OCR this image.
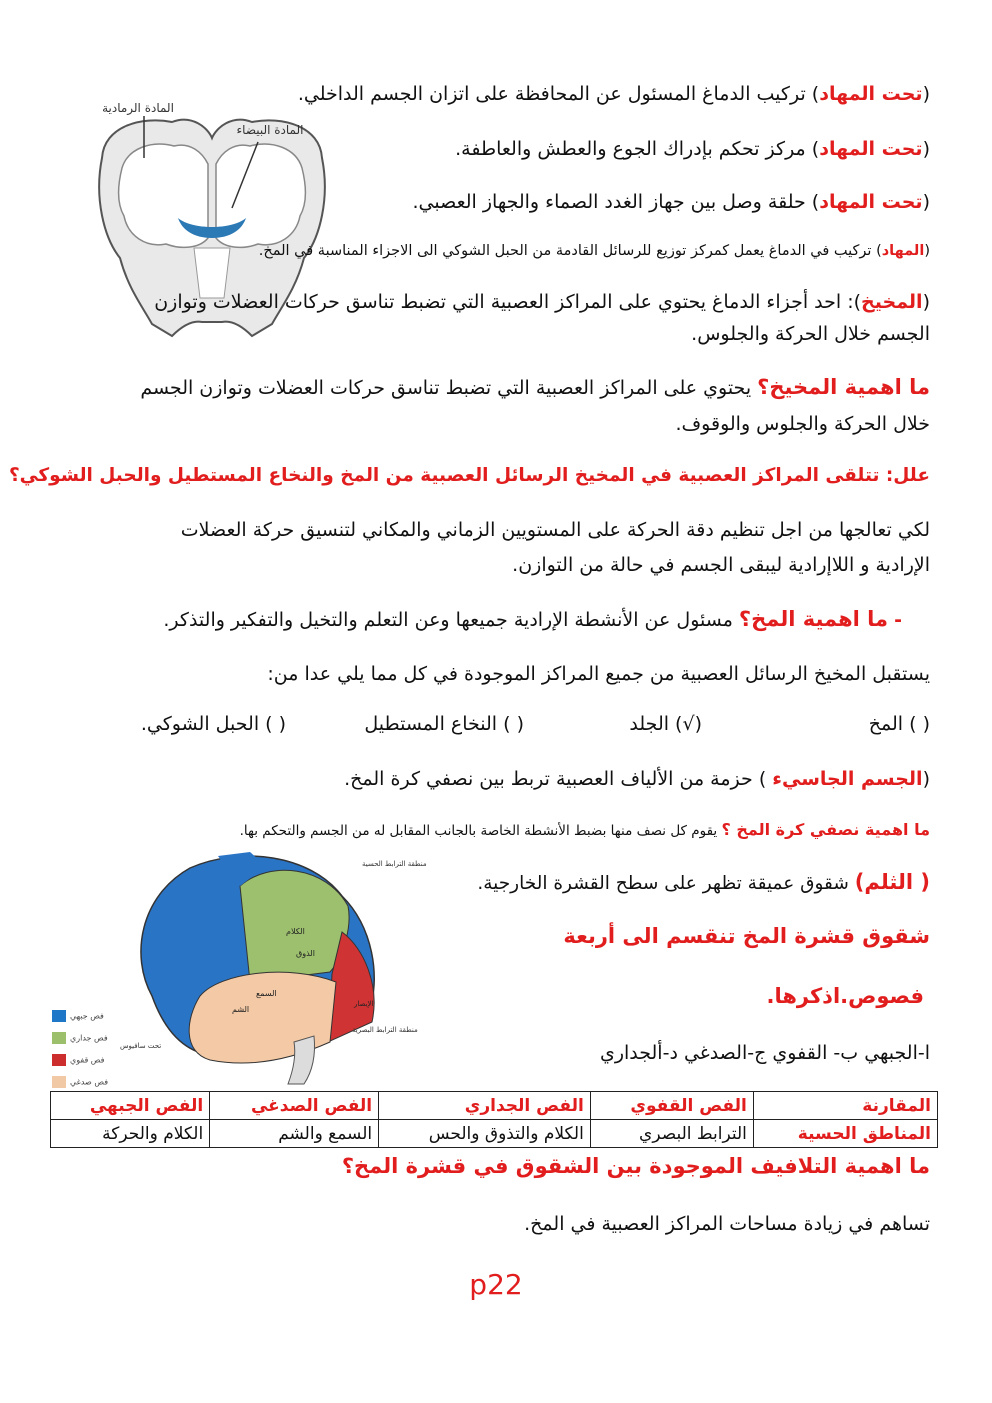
المادة الرمادية
المادة البيضاء
(تحت المهاد) تركيب الدماغ المسئول عن المحافظة على اتزان الجسم الداخلي.
(تحت المهاد) مركز تحكم بإدراك الجوع والعطش والعاطفة.
(تحت المهاد) حلقة وصل بين جهاز الغدد الصماء والجهاز العصبي.
(المهاد) تركيب في الدماغ يعمل كمركز توزيع للرسائل القادمة من الحبل الشوكي الى الاجزاء المناسبة في المخ.
(المخيخ): احد أجزاء الدماغ يحتوي على المراكز العصبية التي تضبط تناسق حركات العضلات وتوازن
الجسم خلال الحركة والجلوس.
ما اهمية المخيخ؟ يحتوي على المراكز العصبية التي تضبط تناسق حركات العضلات وتوازن الجسم
خلال الحركة والجلوس والوقوف.
علل: تتلقى المراكز العصبية في المخيخ الرسائل العصبية من المخ والنخاع المستطيل والحبل الشوكي؟
لكي تعالجها من اجل تنظيم دقة الحركة على المستويين الزماني والمكاني لتنسيق حركة العضلات
الإرادية و اللاإرادية ليبقى الجسم في حالة من التوازن.
- ما اهمية المخ؟ مسئول عن الأنشطة الإرادية جميعها وعن التعلم والتخيل والتفكير والتذكر.
يستقبل المخيخ الرسائل العصبية من جميع المراكز الموجودة في كل مما يلي عدا من:
( ) المخ
(√) الجلد
( ) النخاع المستطيل
( ) الحبل الشوكي.
(الجسم الجاسيء ) حزمة من الألياف العصبية تربط بين نصفي كرة المخ.
ما اهمية نصفي كرة المخ ؟ يقوم كل نصف منها بضبط الأنشطة الخاصة بالجانب المقابل له من الجسم والتحكم بها.
منطقة الترابط الحسية
الكلام
الذوق
السمع
الشم
الإبصار
منطقة الترابط البصرية
تحت سافيوس
فص جبهي
فص جداري
فص قفوي
فص صدغي
( الثلم) شقوق عميقة تظهر على سطح القشرة الخارجية.
شقوق قشرة المخ تنقسم الى أربعة
فصوص.اذكرها.
ا-الجبهي ب- القفوي ج-الصدغي د-ألجداري
المقارنة	الفص القفوي	الفص الجداري	الفص الصدغي	الفص الجبهي
المناطق الحسية	الترابط البصري	الكلام والتذوق والحس	السمع والشم	الكلام والحركة
ما اهمية التلافيف الموجودة بين الشقوق في قشرة المخ؟
تساهم في زيادة مساحات المراكز العصبية في المخ.
p22
